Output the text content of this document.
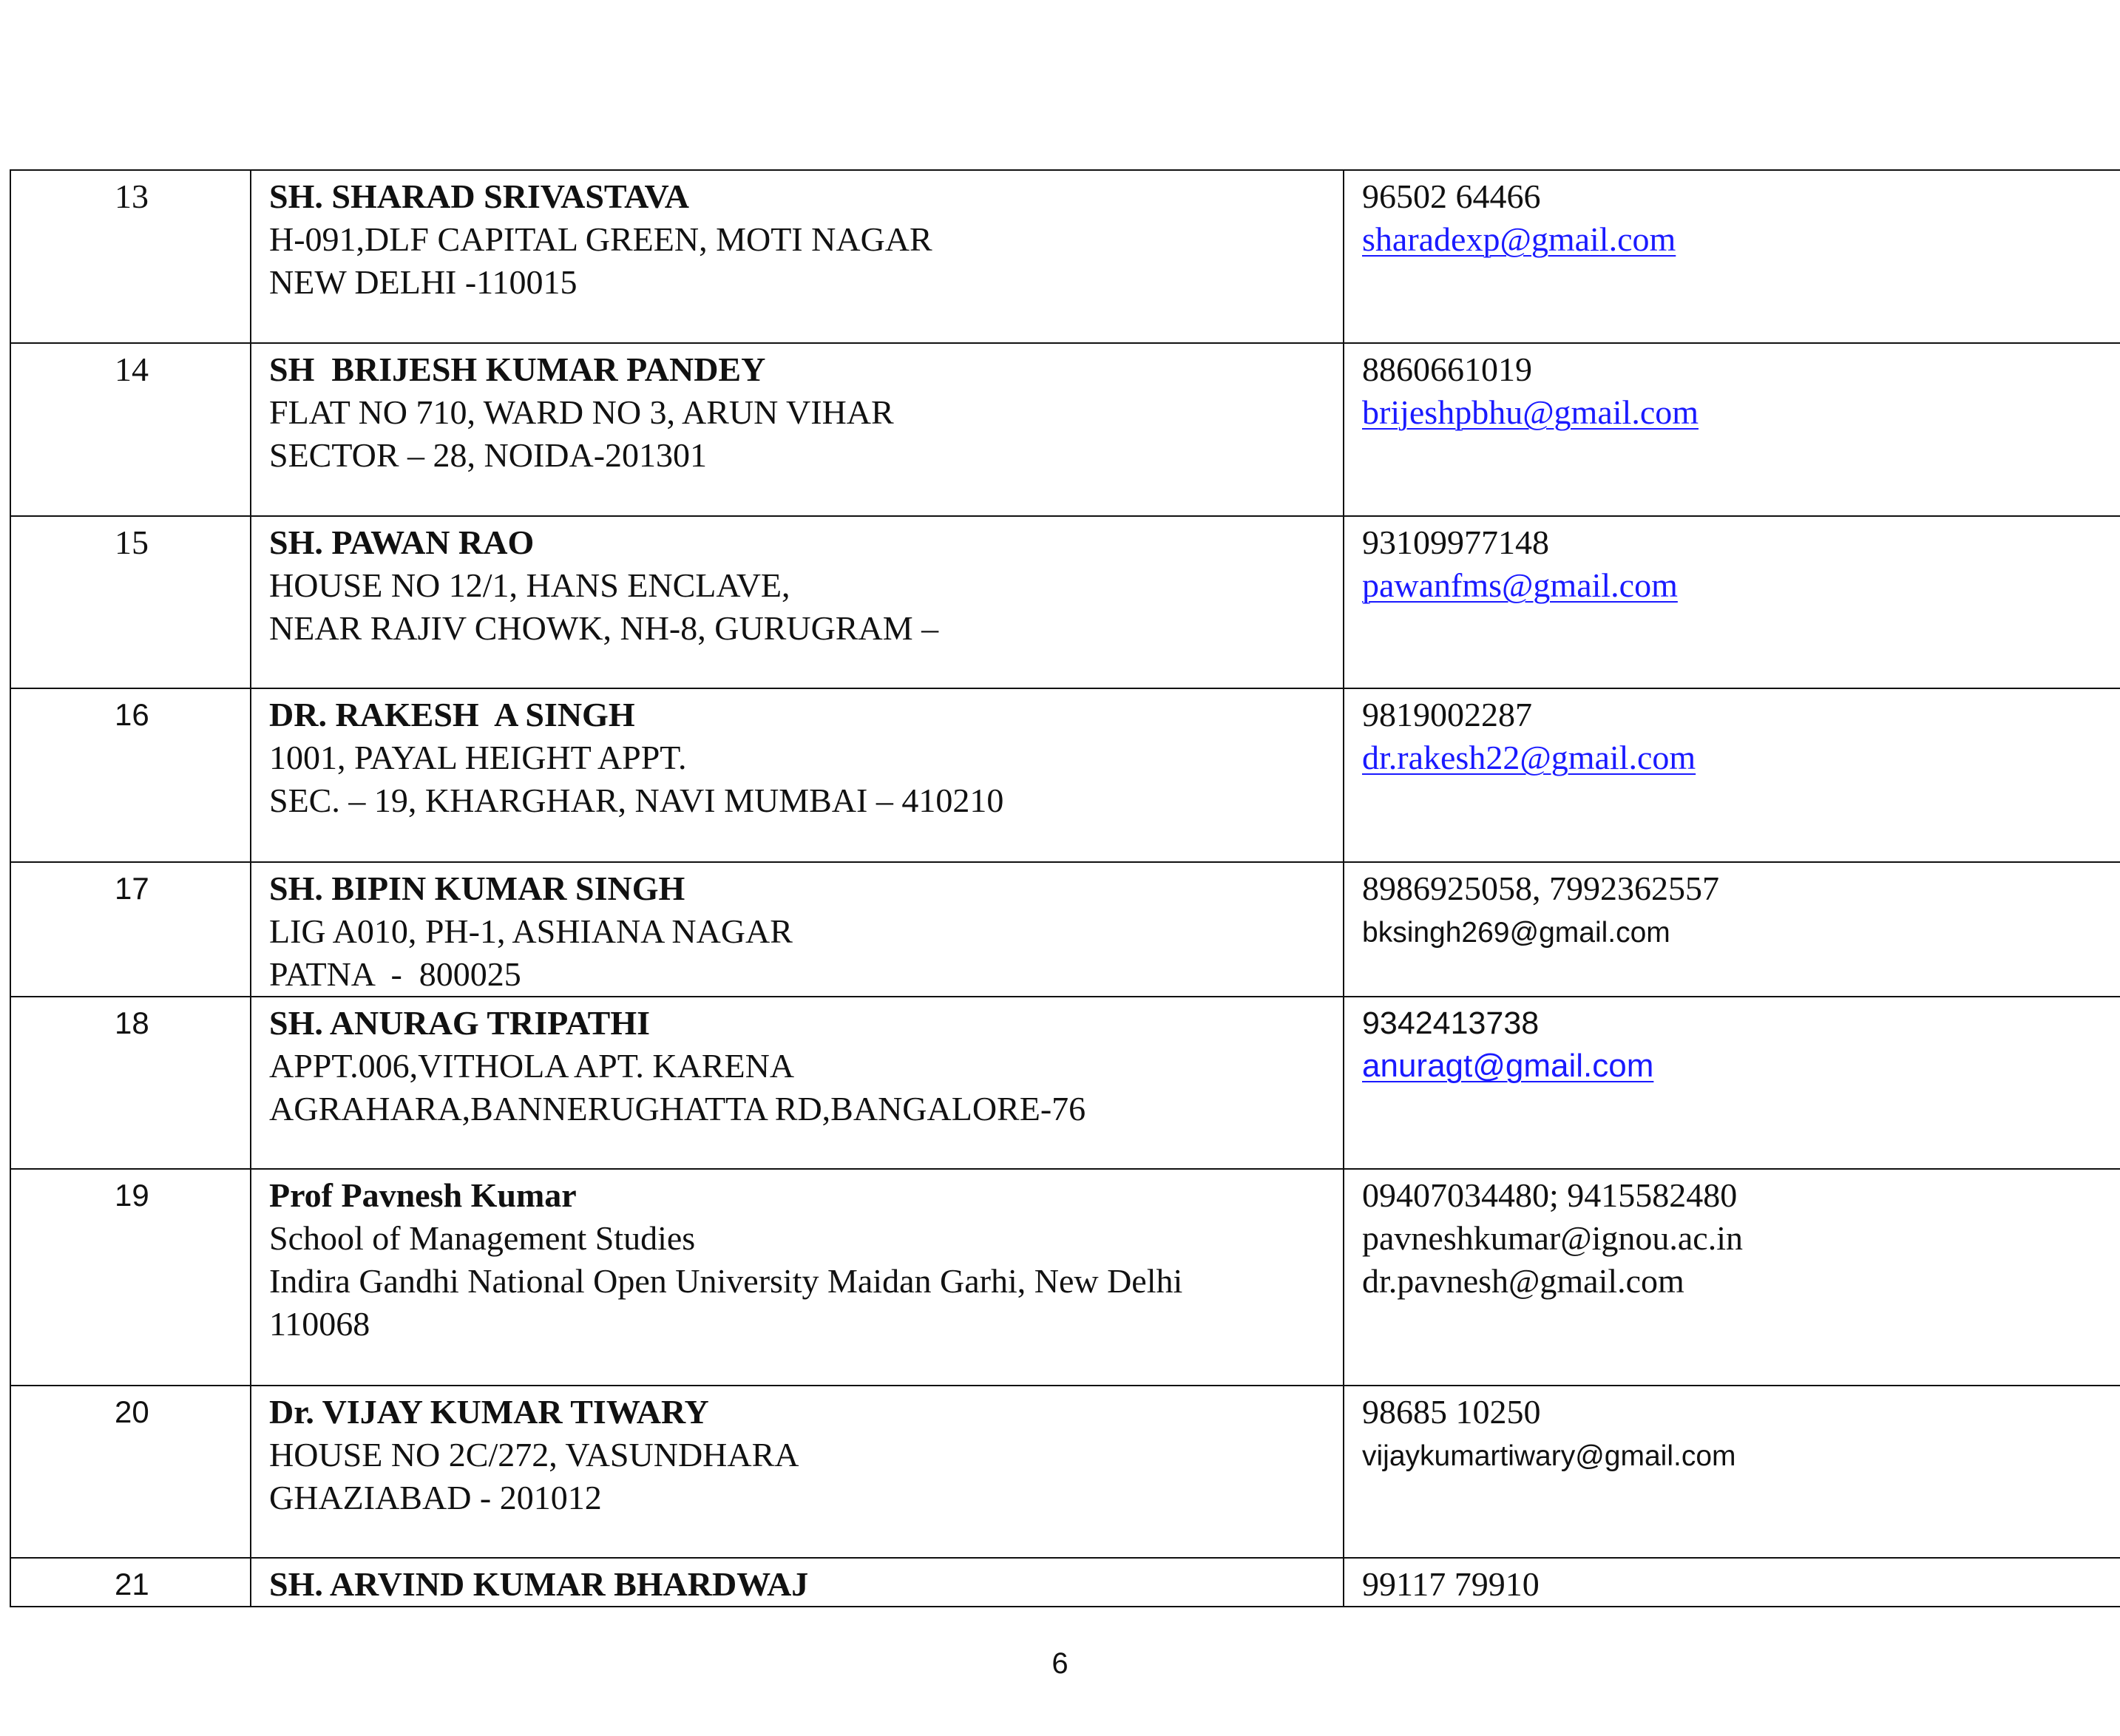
13	SH. SHARAD SRIVASTAVA
H-091,DLF CAPITAL GREEN, MOTI NAGAR
NEW DELHI -110015	96502 64466
sharadexp@gmail.com

14	SH  BRIJESH KUMAR PANDEY
FLAT NO 710, WARD NO 3, ARUN VIHAR
SECTOR – 28, NOIDA-201301	8860661019
brijeshpbhu@gmail.com

15	SH. PAWAN RAO
HOUSE NO 12/1, HANS ENCLAVE,
NEAR RAJIV CHOWK, NH-8, GURUGRAM –	93109977148
pawanfms@gmail.com

16	DR. RAKESH  A SINGH
1001, PAYAL HEIGHT APPT.
SEC. – 19, KHARGHAR, NAVI MUMBAI – 410210	9819002287
dr.rakesh22@gmail.com

17	SH. BIPIN KUMAR SINGH
LIG A010, PH-1, ASHIANA NAGAR
PATNA  -  800025	8986925058, 7992362557
bksingh269@gmail.com

18	SH. ANURAG TRIPATHI
APPT.006,VITHOLA APT. KARENA
AGRAHARA,BANNERUGHATTA RD,BANGALORE-76	9342413738
anuragt@gmail.com

19	Prof Pavnesh Kumar
School of Management Studies
Indira Gandhi National Open University Maidan Garhi, New Delhi
110068	09407034480; 9415582480
pavneshkumar@ignou.ac.in
dr.pavnesh@gmail.com

20	Dr. VIJAY KUMAR TIWARY
HOUSE NO 2C/272, VASUNDHARA
GHAZIABAD - 201012	98685 10250
vijaykumartiwary@gmail.com

21	SH. ARVIND KUMAR BHARDWAJ	99117 79910
6
